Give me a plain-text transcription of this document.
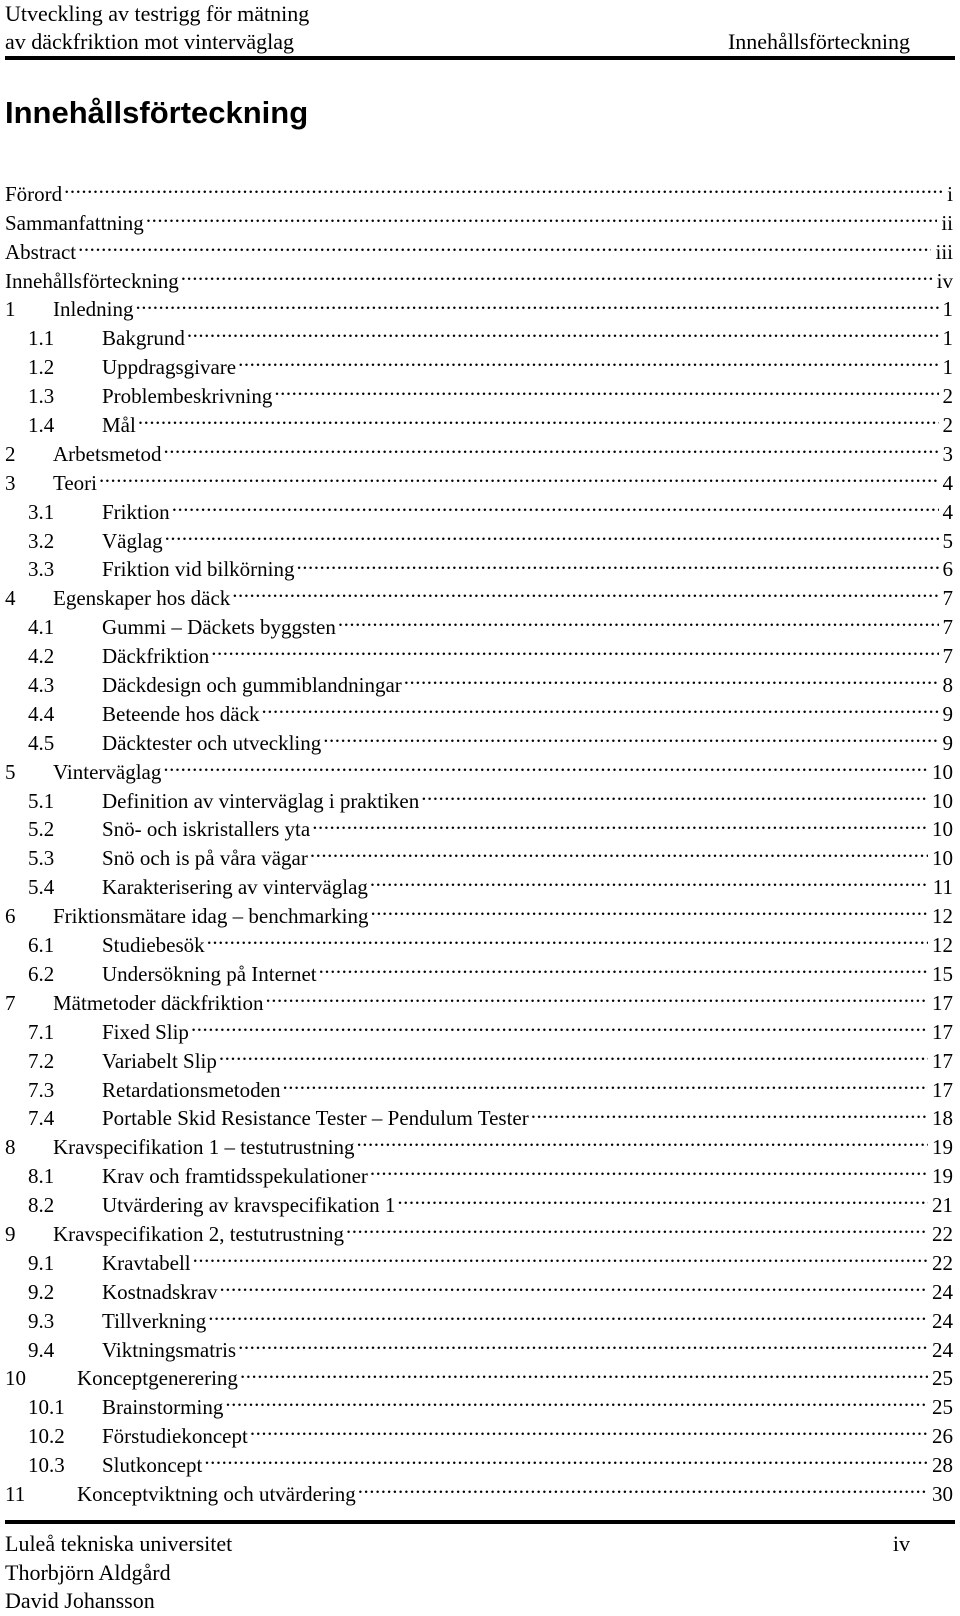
Utveckling av testrigg för mätning
av däckfriktion mot vinterväglag	Innehållsförteckning
Innehållsförteckning
Förord .....	i
Sammanfattning .....	ii
Abstract .....	iii
Innehållsförteckning .....	iv
1	Inledning .....	1
1.1	Bakgrund .....	1
1.2	Uppdragsgivare .....	1
1.3	Problembeskrivning .....	2
1.4	Mål .....	2
2	Arbetsmetod .....	3
3	Teori .....	4
3.1	Friktion .....	4
3.2	Väglag .....	5
3.3	Friktion vid bilkörning .....	6
4	Egenskaper hos däck .....	7
4.1	Gummi – Däckets byggsten .....	7
4.2	Däckfriktion .....	7
4.3	Däckdesign och gummiblandningar .....	8
4.4	Beteende hos däck .....	9
4.5	Däcktester och utveckling .....	9
5	Vinterväglag .....	10
5.1	Definition av vinterväglag i praktiken .....	10
5.2	Snö- och iskristallers yta .....	10
5.3	Snö och is på våra vägar .....	10
5.4	Karakterisering av vinterväglag .....	11
6	Friktionsmätare idag – benchmarking .....	12
6.1	Studiebesök .....	12
6.2	Undersökning på Internet .....	15
7	Mätmetoder däckfriktion .....	17
7.1	Fixed Slip .....	17
7.2	Variabelt Slip .....	17
7.3	Retardationsmetoden .....	17
7.4	Portable Skid Resistance Tester – Pendulum Tester .....	18
8	Kravspecifikation 1 – testutrustning .....	19
8.1	Krav och framtidsspekulationer .....	19
8.2	Utvärdering av kravspecifikation 1 .....	21
9	Kravspecifikation 2, testutrustning .....	22
9.1	Kravtabell .....	22
9.2	Kostnadskrav .....	24
9.3	Tillverkning .....	24
9.4	Viktningsmatris .....	24
10	Konceptgenerering .....	25
10.1	Brainstorming .....	25
10.2	Förstudiekoncept .....	26
10.3	Slutkoncept .....	28
11	Konceptviktning och utvärdering .....	30
Luleå tekniska universitet
Thorbjörn Aldgård
David Johansson
iv
